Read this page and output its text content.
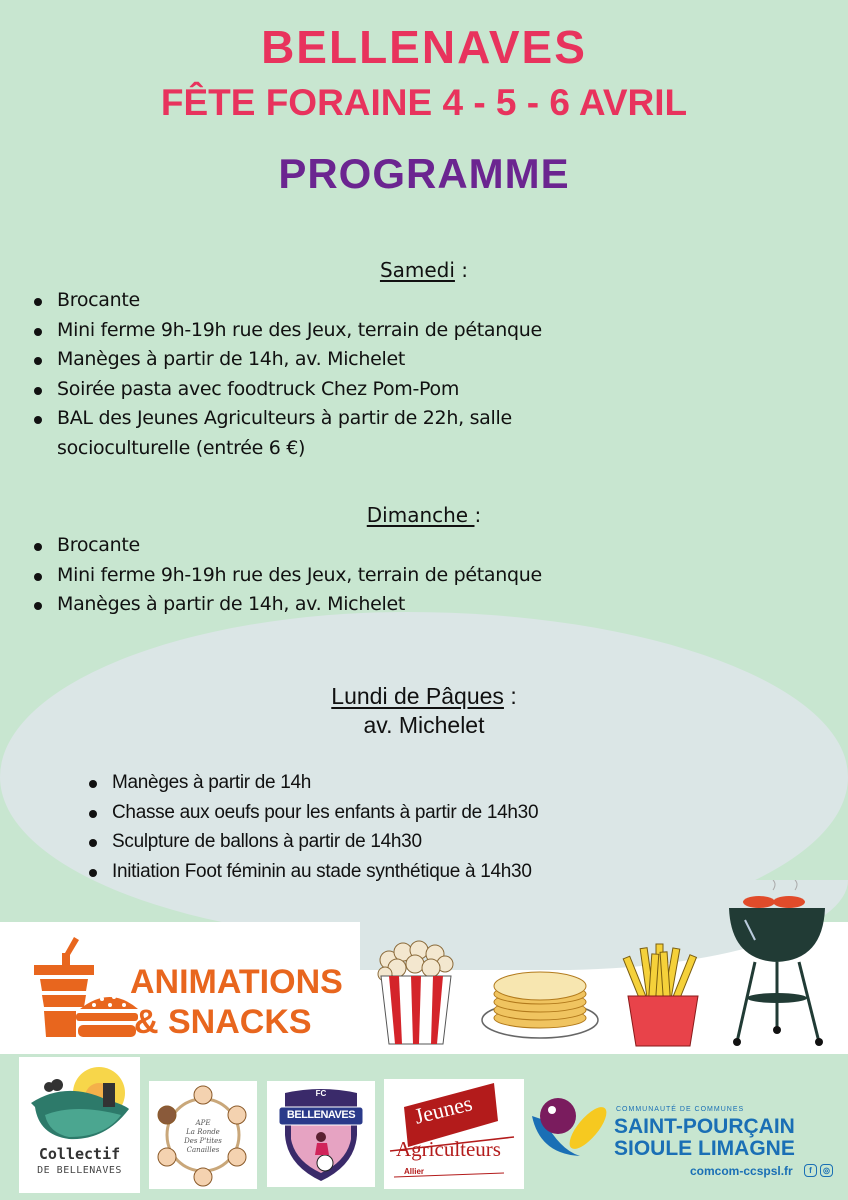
BELLENAVES
FÊTE FORAINE 4 - 5 - 6 AVRIL
PROGRAMME
Samedi :
Brocante
Mini ferme 9h-19h rue des Jeux, terrain de pétanque
Manèges à partir de 14h, av. Michelet
Soirée pasta avec foodtruck Chez Pom-Pom
BAL des Jeunes Agriculteurs à partir de 22h, salle
socioculturelle (entrée 6 €)
Dimanche :
Brocante
Mini ferme 9h-19h rue des Jeux, terrain de pétanque
Manèges à partir de 14h, av. Michelet
Lundi de Pâques :
av. Michelet
Manèges à partir de 14h
Chasse aux oeufs pour les enfants à partir de 14h30
Sculpture de ballons à partir de 14h30
Initiation Foot féminin au stade synthétique à 14h30
ANIMATIONS
& SNACKS
Collectif
DE BELLENAVES
APE
La Ronde
Des P'tites
Canailles
FC
BELLENAVES	Jeunes
Agriculteurs
Allier
COMMUNAUTÉ DE COMMUNES
SAINT-POURÇAIN
SIOULE LIMAGNE
comcom-ccspsl.fr	f	◎
